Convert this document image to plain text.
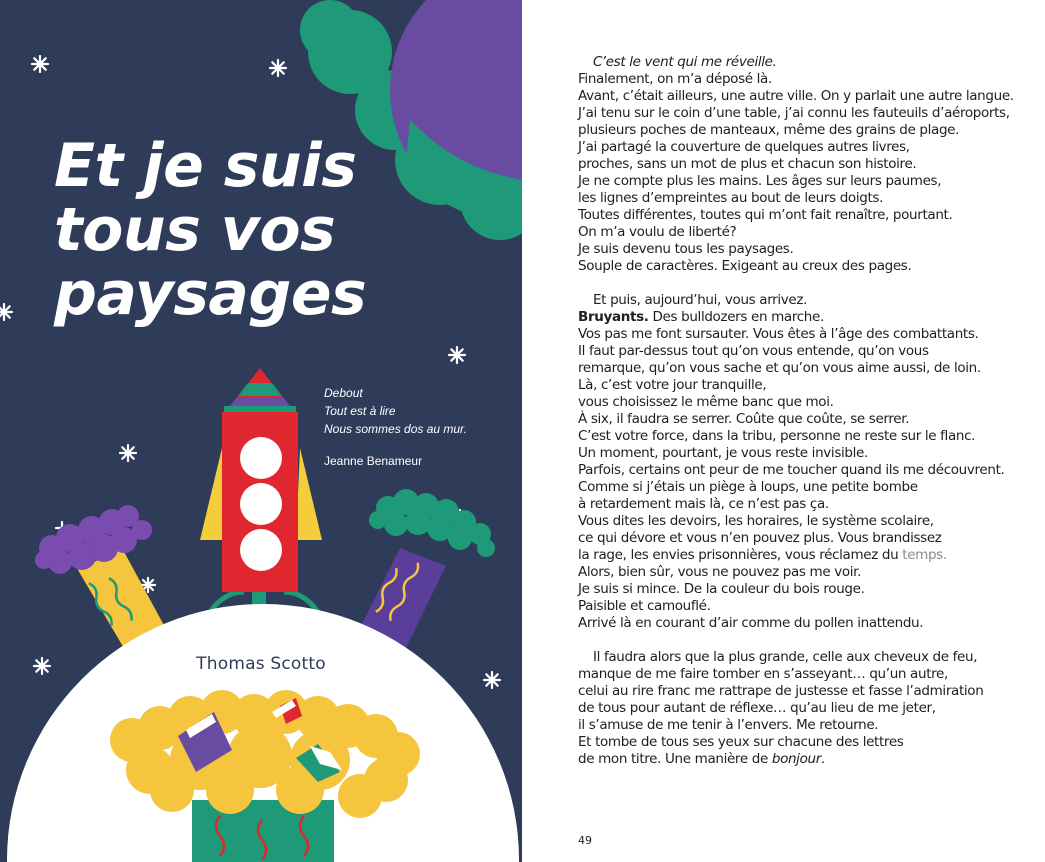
Et je suis
tous vos
paysages
Debout
Tout est à lire
Nous sommes dos au mur.
Jeanne Benameur
Thomas Scotto
C’est le vent qui me réveille.
Finalement, on m’a déposé là.
Avant, c’était ailleurs, une autre ville. On y parlait une autre langue.
J’ai tenu sur le coin d’une table, j’ai connu les fauteuils d’aéroports,
plusieurs poches de manteaux, même des grains de plage.
J’ai partagé la couverture de quelques autres livres,
proches, sans un mot de plus et chacun son histoire.
Je ne compte plus les mains. Les âges sur leurs paumes,
les lignes d’empreintes au bout de leurs doigts.
Toutes différentes, toutes qui m’ont fait renaître, pourtant.
On m’a voulu de liberté?
Je suis devenu tous les paysages.
Souple de caractères. Exigeant au creux des pages.
Et puis, aujourd’hui, vous arrivez.
Bruyants. Des bulldozers en marche.
Vos pas me font sursauter. Vous êtes à l’âge des combattants.
Il faut par-dessus tout qu’on vous entende, qu’on vous
remarque, qu’on vous sache et qu’on vous aime aussi, de loin.
Là, c’est votre jour tranquille,
vous choisissez le même banc que moi.
À six, il faudra se serrer. Coûte que coûte, se serrer.
C’est votre force, dans la tribu, personne ne reste sur le flanc.
Un moment, pourtant, je vous reste invisible.
Parfois, certains ont peur de me toucher quand ils me découvrent.
Comme si j’étais un piège à loups, une petite bombe
à retardement mais là, ce n’est pas ça.
Vous dites les devoirs, les horaires, le système scolaire,
ce qui dévore et vous n’en pouvez plus. Vous brandissez
la rage, les envies prisonnières, vous réclamez du temps.
Alors, bien sûr, vous ne pouvez pas me voir.
Je suis si mince. De la couleur du bois rouge.
Paisible et camouflé.
Arrivé là en courant d’air comme du pollen inattendu.
Il faudra alors que la plus grande, celle aux cheveux de feu,
manque de me faire tomber en s’asseyant… qu’un autre,
celui au rire franc me rattrape de justesse et fasse l’admiration
de tous pour autant de réflexe… qu’au lieu de me jeter,
il s’amuse de me tenir à l’envers. Me retourne.
Et tombe de tous ses yeux sur chacune des lettres
de mon titre. Une manière de bonjour.
49
